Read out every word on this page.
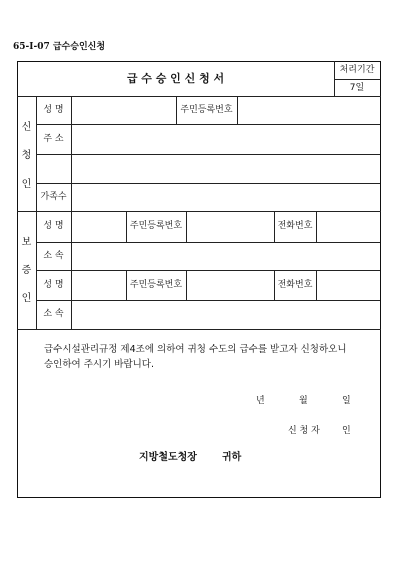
65-Ⅰ-07 급수승인신청
급 수 승 인 신 청 서
처리기간
7일
신
청
인
성 명	주민등록번호
주 소
가족수
보
증
인
성 명	주민등록번호	전화번호
소 속
성 명	주민등록번호	전화번호
소 속
급수시설관리규정 제4조에 의하여 귀청 수도의 급수를 받고자 신청하오니
승인하여 주시기 바랍니다.
년	월	일
신 청 자 인
지방철도청장	귀하
